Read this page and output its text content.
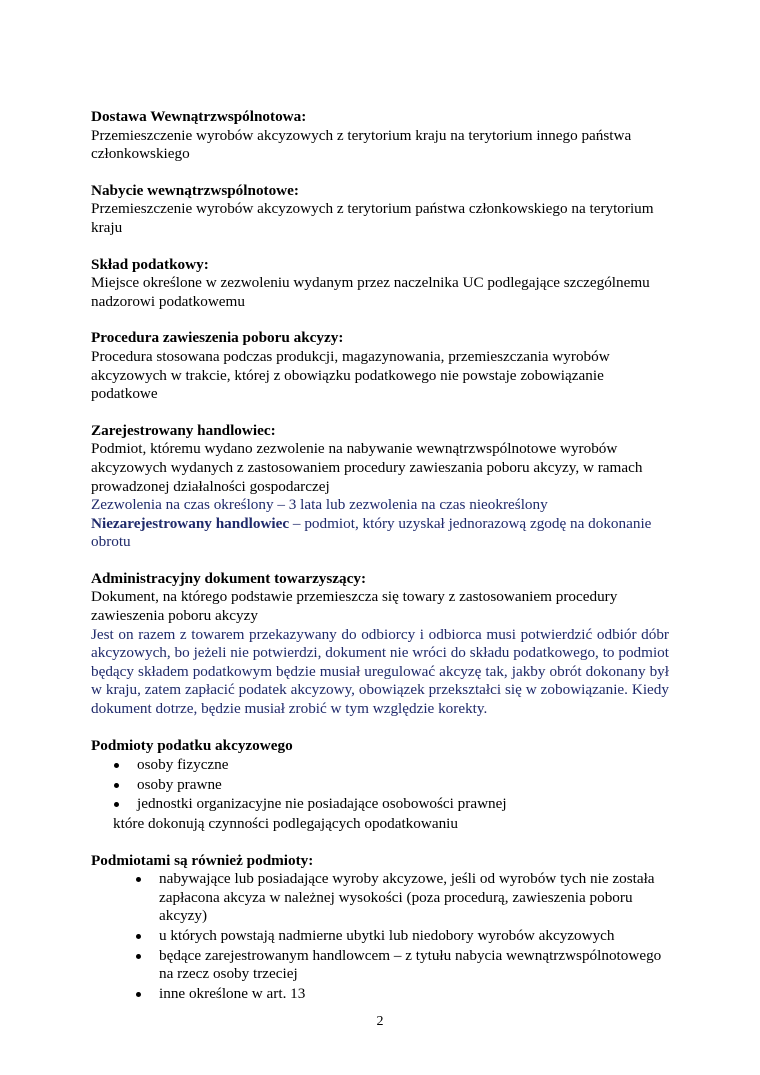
Dostawa Wewnątrzwspólnotowa:
Przemieszczenie wyrobów akcyzowych z terytorium kraju na terytorium innego państwa członkowskiego
Nabycie wewnątrzwspólnotowe:
Przemieszczenie wyrobów akcyzowych z terytorium państwa członkowskiego na terytorium kraju
Skład podatkowy:
Miejsce określone w zezwoleniu wydanym przez naczelnika UC podlegające szczególnemu nadzorowi podatkowemu
Procedura zawieszenia poboru akcyzy:
Procedura stosowana podczas produkcji, magazynowania, przemieszczania wyrobów akcyzowych w trakcie, której z obowiązku podatkowego nie powstaje zobowiązanie podatkowe
Zarejestrowany handlowiec:
Podmiot, któremu wydano zezwolenie na nabywanie wewnątrzwspólnotowe wyrobów akcyzowych wydanych z zastosowaniem procedury zawieszania poboru akcyzy, w ramach prowadzonej działalności gospodarczej
Zezwolenia na czas określony – 3 lata lub zezwolenia na czas nieokreślony
Niezarejestrowany handlowiec – podmiot, który uzyskał jednorazową zgodę na dokonanie obrotu
Administracyjny dokument towarzyszący:
Dokument, na którego podstawie przemieszcza się towary z zastosowaniem procedury zawieszenia poboru akcyzy
Jest on razem z towarem przekazywany do odbiorcy i odbiorca musi potwierdzić odbiór dóbr akcyzowych, bo jeżeli nie potwierdzi, dokument nie wróci do składu podatkowego, to podmiot będący składem podatkowym będzie musiał uregulować akcyzę tak, jakby obrót dokonany był w kraju, zatem zapłacić podatek akcyzowy, obowiązek przekształci się w zobowiązanie. Kiedy dokument dotrze, będzie musiał zrobić w tym względzie korekty.
Podmioty podatku akcyzowego
osoby fizyczne
osoby prawne
jednostki organizacyjne nie posiadające osobowości prawnej
które dokonują czynności podlegających opodatkowaniu
Podmiotami są również podmioty:
nabywające lub posiadające wyroby akcyzowe, jeśli od wyrobów tych nie została zapłacona akcyza w należnej wysokości (poza procedurą, zawieszenia poboru akcyzy)
u których powstają nadmierne ubytki lub niedobory wyrobów akcyzowych
będące zarejestrowanym handlowcem – z tytułu nabycia wewnątrzwspólnotowego na rzecz osoby trzeciej
inne określone w art. 13
2
